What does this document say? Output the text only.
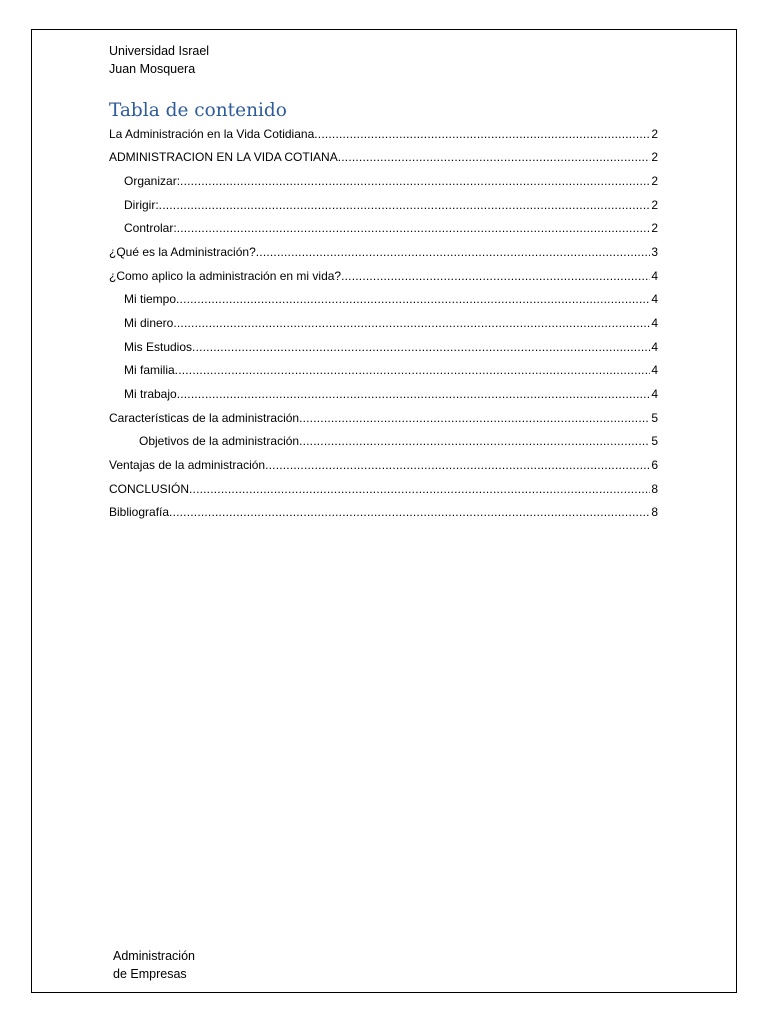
Universidad Israel
Juan Mosquera
Tabla de contenido
La Administración en la Vida Cotidiana .....	2
ADMINISTRACION EN LA VIDA COTIANA .....	2
Organizar: .....	2
Dirigir: .....	2
Controlar: .....	2
¿Qué es la Administración? .....	3
¿Como aplico la administración en mi vida? .....	4
Mi tiempo .....	4
Mi dinero .....	4
Mis Estudios .....	4
Mi familia .....	4
Mi trabajo .....	4
Características de la administración .....	5
Objetivos de la administración .....	5
Ventajas de la administración .....	6
CONCLUSIÓN .....	8
Bibliografía .....	8
Administración
de Empresas
